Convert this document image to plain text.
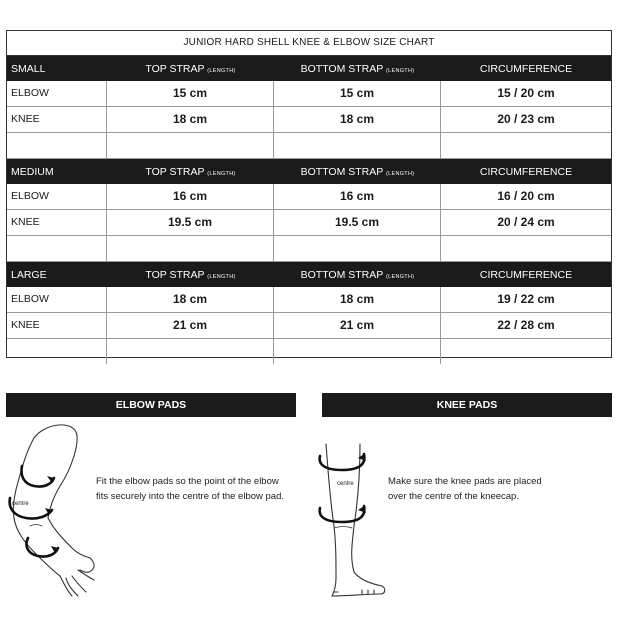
JUNIOR HARD SHELL KNEE & ELBOW SIZE CHART
SMALL	TOP STRAP (LENGTH)	BOTTOM STRAP (LENGTH)	CIRCUMFERENCE
ELBOW	15 cm	15 cm	15 / 20 cm
KNEE	18 cm	18 cm	20 / 23 cm
MEDIUM	TOP STRAP (LENGTH)	BOTTOM STRAP (LENGTH)	CIRCUMFERENCE
ELBOW	16 cm	16 cm	16 / 20 cm
KNEE	19.5 cm	19.5 cm	20 / 24 cm
LARGE	TOP STRAP (LENGTH)	BOTTOM STRAP (LENGTH)	CIRCUMFERENCE
ELBOW	18 cm	18 cm	19 / 22 cm
KNEE	21 cm	21 cm	22 / 28 cm
ELBOW PADS	KNEE PADS
centre
Fit the elbow pads so the point of the elbow
fits securely into the centre of the elbow pad.
centre	Make sure the knee pads are placed
over the centre of the kneecap.
